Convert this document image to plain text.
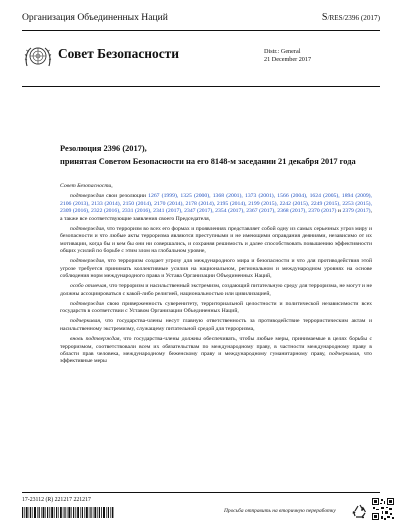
Организация Объединенных Наций	S/RES/2396 (2017)
Совет Безопасности	Distr.: General
21 December 2017
Резолюция 2396 (2017),
принятая Советом Безопасности на его 8148-м заседании 21 декабря 2017 года

Совет Безопасности,

подтверждая свои резолюции 1267 (1999), 1325 (2000), 1368 (2001), 1373 (2001), 1566 (2004), 1624 (2005), 1894 (2009), 2106 (2013), 2133 (2014), 2150 (2014), 2170 (2014), 2178 (2014), 2195 (2014), 2199 (2015), 2242 (2015), 2249 (2015), 2253 (2015), 2309 (2016), 2322 (2016), 2331 (2016), 2341 (2017), 2347 (2017), 2354 (2017), 2367 (2017), 2368 (2017), 2370 (2017) и 2379 (2017), а также все соответствующие заявления своего Председателя,

подтверждая, что терроризм во всех его формах и проявлениях представляет собой одну из самых серьезных угроз миру и безопасности и что любые акты терроризма являются преступными и не имеющими оправдания деяниями, независимо от их мотивации, когда бы и кем бы они ни совершались, и сохраняя решимость и далее способствовать повышению эффективности общих усилий по борьбе с этим злом на глобальном уровне,

подтверждая, что терроризм создает угрозу для международного мира и безопасности и что для противодействия этой угрозе требуется принимать коллективные усилия на национальном, региональном и международном уровнях на основе соблюдения норм международного права и Устава Организации Объединенных Наций,

особо отмечая, что терроризм и насильственный экстремизм, создающий питательную среду для терроризма, не могут и не должны ассоциироваться с какой-либо религией, национальностью или цивилизацией,

подтверждая свою приверженность суверенитету, территориальной целостности и политической независимости всех государств в соответствии с Уставом Организации Объединенных Наций,

подчеркивая, что государства-члены несут главную ответственность за противодействие террористическим актам и насильственному экстремизму, служащему питательной средой для терроризма,

вновь подтверждая, что государства-члены должны обеспечивать, чтобы любые меры, принимаемые в целях борьбы с терроризмом, соответствовали всем их обязательствам по международному праву, в частности международному праву в области прав человека, международному беженскому праву и международному гуманитарному праву, подчеркивая, что эффективные меры

17-23112 (R) 221217 221217
Просьба отправить на вторичную переработку
